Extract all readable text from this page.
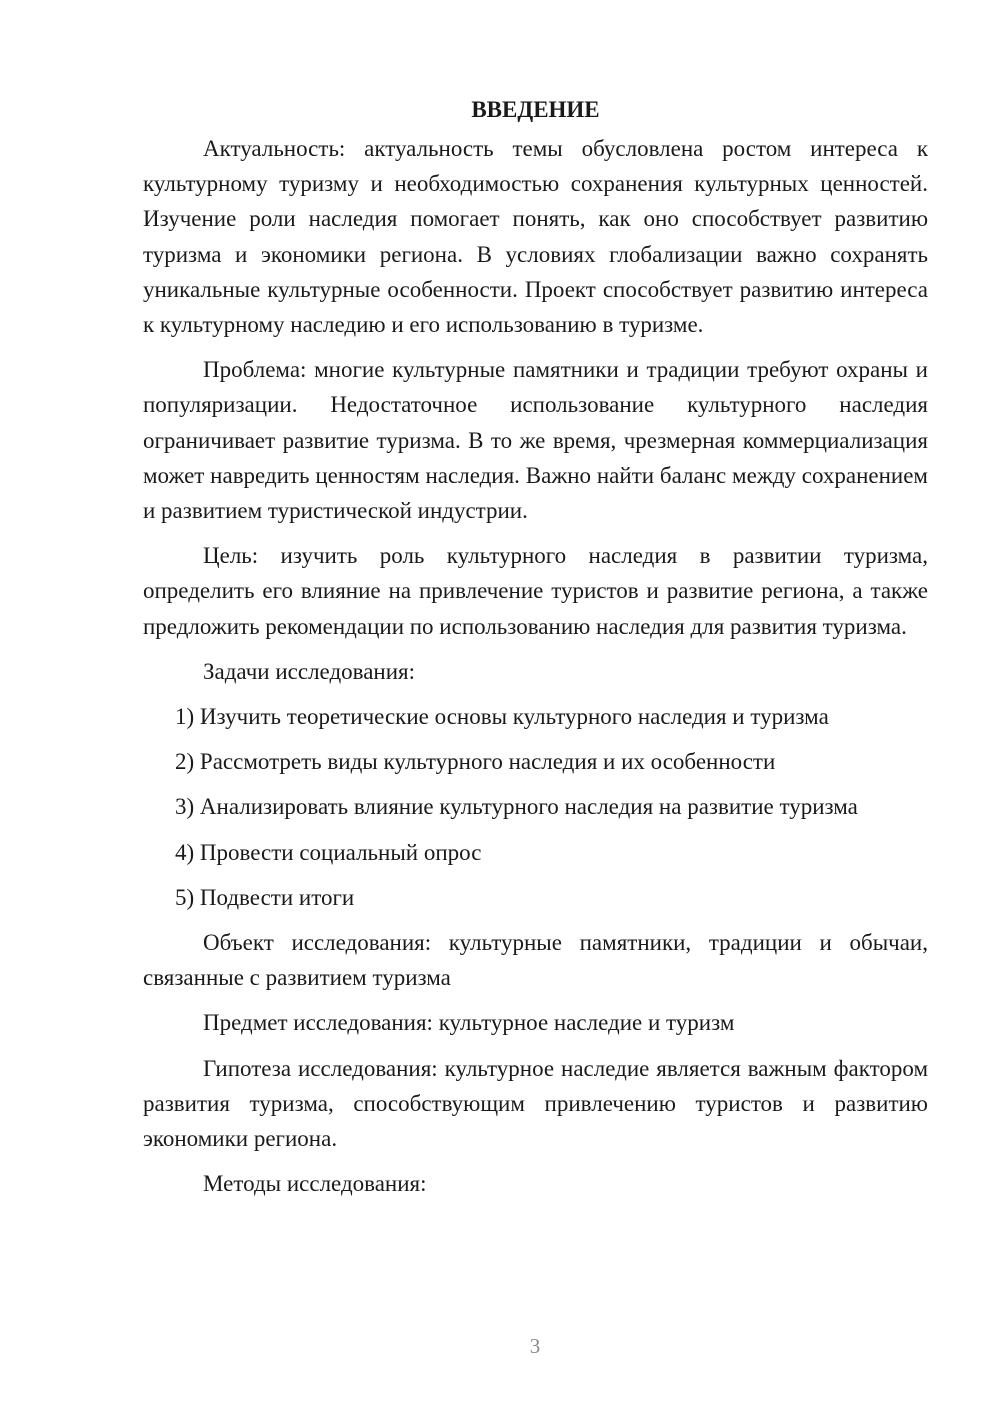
ВВЕДЕНИЕ

Актуальность: актуальность темы обусловлена ростом интереса к культурному туризму и необходимостью сохранения культурных ценностей. Изучение роли наследия помогает понять, как оно способствует развитию туризма и экономики региона. В условиях глобализации важно сохранять уникальные культурные особенности. Проект способствует развитию интереса к культурному наследию и его использованию в туризме.

Проблема: многие культурные памятники и традиции требуют охраны и популяризации. Недостаточное использование культурного наследия ограничивает развитие туризма. В то же время, чрезмерная коммерциализация может навредить ценностям наследия. Важно найти баланс между сохранением и развитием туристической индустрии.

Цель: изучить роль культурного наследия в развитии туризма, определить его влияние на привлечение туристов и развитие региона, а также предложить рекомендации по использованию наследия для развития туризма.

Задачи исследования:

1) Изучить теоретические основы культурного наследия и туризма
2) Рассмотреть виды культурного наследия и их особенности
3) Анализировать влияние культурного наследия на развитие туризма
4) Провести социальный опрос
5) Подвести итоги

Объект исследования: культурные памятники, традиции и обычаи, связанные с развитием туризма

Предмет исследования: культурное наследие и туризм

Гипотеза исследования: культурное наследие является важным фактором развития туризма, способствующим привлечению туристов и развитию экономики региона.

Методы исследования:

3
